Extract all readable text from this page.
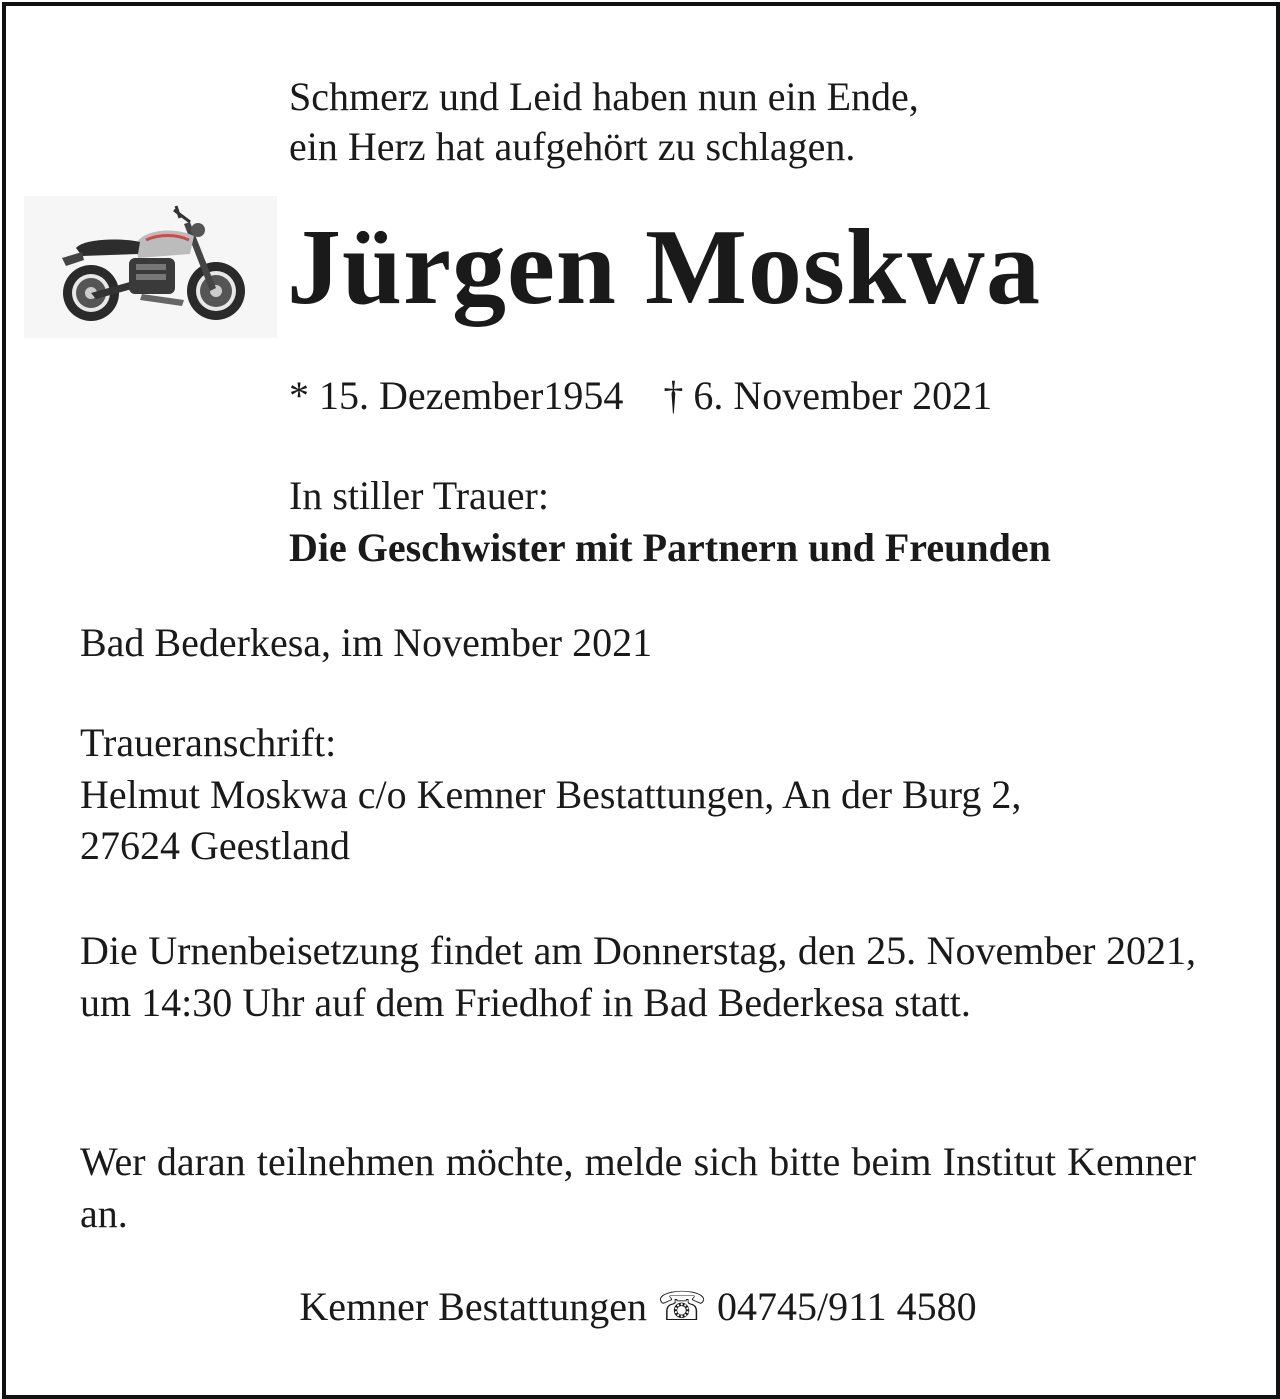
Schmerz und Leid haben nun ein Ende,
ein Herz hat aufgehört zu schlagen.
Jürgen Moskwa
* 15. Dezember1954 † 6. November 2021
In stiller Trauer:
Die Geschwister mit Partnern und Freunden
Bad Bederkesa, im November 2021
Traueranschrift:
Helmut Moskwa c/o Kemner Bestattungen, An der Burg 2,
27624 Geestland
Die Urnenbeisetzung findet am Donnerstag, den 25. November 2021, um 14:30 Uhr auf dem Friedhof in Bad Bederkesa statt.
Wer daran teilnehmen möchte, melde sich bitte beim Institut Kemner an.
Kemner Bestattungen ☏ 04745/911 4580
